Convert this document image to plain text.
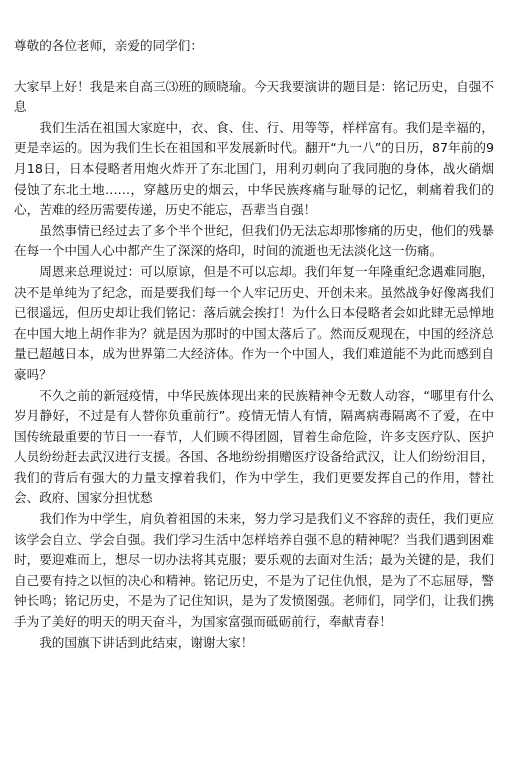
尊敬的各位老师，亲爱的同学们：

大家早上好！我是来自高三⑶班的顾晓瑜。今天我要演讲的题目是：铭记历史，自强不息

我们生活在祖国大家庭中，衣、食、住、行、用等等，样样富有。我们是幸福的，更是幸运的。因为我们生长在祖国和平发展新时代。翻开“九一八”的日历，87年前的9月18日，日本侵略者用炮火炸开了东北国门，用利刃刺向了我同胞的身体，战火硝烟侵蚀了东北土地……，穿越历史的烟云，中华民族疼痛与耻辱的记忆，刺痛着我们的心，苦难的经历需要传递，历史不能忘，吾辈当自强！

虽然事情已经过去了多个半个世纪，但我们仍无法忘却那惨痛的历史，他们的残暴在每一个中国人心中都产生了深深的烙印，时间的流逝也无法淡化这一伤痛。

周恩来总理说过：可以原谅，但是不可以忘却。我们年复一年隆重纪念遇难同胞，决不是单纯为了纪念，而是要我们每一个人牢记历史、开创未来。虽然战争好像离我们已很遥远，但历史却让我们铭记：落后就会挨打！为什么日本侵略者会如此肆无忌惮地在中国大地上胡作非为？就是因为那时的中国太落后了。然而反观现在，中国的经济总量已超越日本，成为世界第二大经济体。作为一个中国人，我们难道能不为此而感到自豪吗？

不久之前的新冠疫情，中华民族体现出来的民族精神令无数人动容，“哪里有什么岁月静好，不过是有人替你负重前行”。疫情无情人有情，隔离病毒隔离不了爱，在中国传统最重要的节日一一春节，人们顾不得团圆，冒着生命危险，许多支医疗队、医护人员纷纷赶去武汉进行支援。各国、各地纷纷捐赠医疗设备给武汉，让人们纷纷泪目，我们的背后有强大的力量支撑着我们，作为中学生，我们更要发挥自己的作用，替社会、政府、国家分担忧愁

我们作为中学生，肩负着祖国的未来，努力学习是我们义不容辞的责任，我们更应该学会自立、学会自强。我们学习生活中怎样培养自强不息的精神呢？当我们遇到困难时，要迎难而上，想尽一切办法将其克服；要乐观的去面对生活；最为关键的是，我们自己要有持之以恒的决心和精神。铭记历史，不是为了记住仇恨，是为了不忘屈辱，警钟长鸣；铭记历史，不是为了记住知识，是为了发愤图强。老师们，同学们，让我们携手为了美好的明天的明天奋斗，为国家富强而砥砺前行，奉献青春！

我的国旗下讲话到此结束，谢谢大家！
